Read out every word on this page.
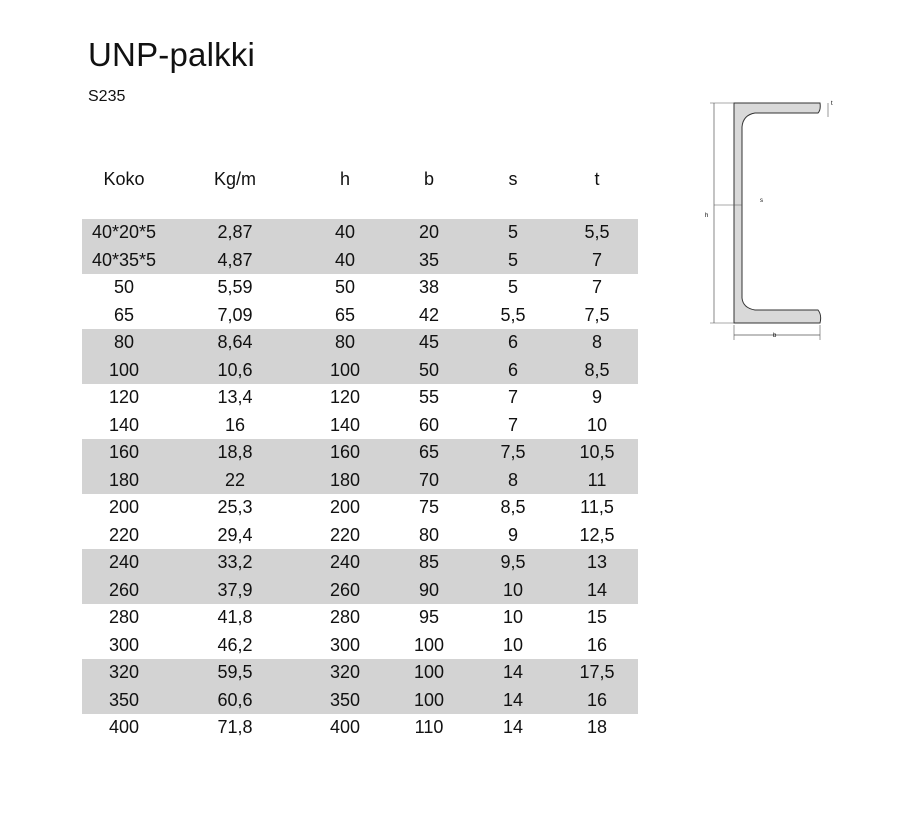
UNP-palkki
S235
Koko	Kg/m	h	b	s	t
40*20*5	2,87	40	20	5	5,5
40*35*5	4,87	40	35	5	7
50	5,59	50	38	5	7
65	7,09	65	42	5,5	7,5
80	8,64	80	45	6	8
100	10,6	100	50	6	8,5
120	13,4	120	55	7	9
140	16	140	60	7	10
160	18,8	160	65	7,5	10,5
180	22	180	70	8	11
200	25,3	200	75	8,5	11,5
220	29,4	220	80	9	12,5
240	33,2	240	85	9,5	13
260	37,9	260	90	10	14
280	41,8	280	95	10	15
300	46,2	300	100	10	16
320	59,5	320	100	14	17,5
350	60,6	350	100	14	16
400	71,8	400	110	14	18
h
b
s
t
